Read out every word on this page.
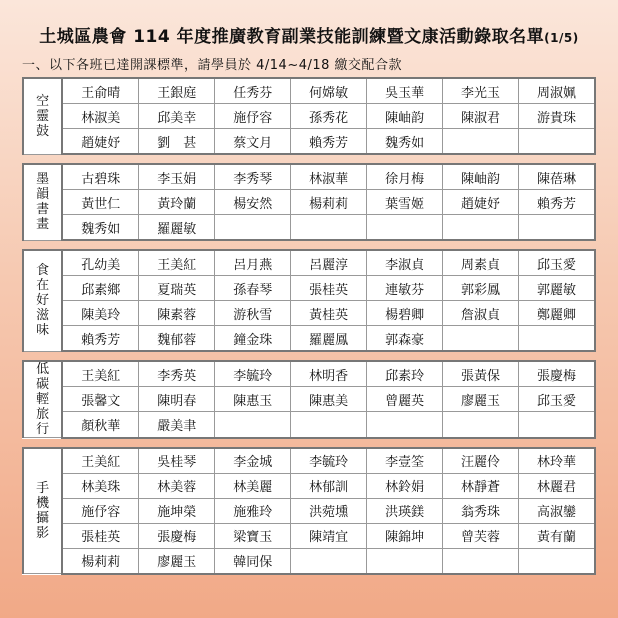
土城區農會 114 年度推廣教育副業技能訓練暨文康活動錄取名單(1/5)
一、以下各班已達開課標準，請學員於 4/14~4/18 繳交配合款
空靈鼓	王俞晴	王銀庭	任秀芬	何嫦敏	吳玉華	李光玉	周淑姵
	林淑美	邱美幸	施伃容	孫秀花	陳岫韵	陳淑君	游貴珠
	趙婕妤	劉　甚	蔡文月	賴秀芳	魏秀如		
墨韻書畫	古碧珠	李玉娟	李秀琴	林淑華	徐月梅	陳岫韵	陳蓓琳
	黃世仁	黃玲蘭	楊安然	楊莉莉	葉雪姬	趙婕妤	賴秀芳
	魏秀如	羅麗敏					
食在好滋味	孔幼美	王美紅	呂月燕	呂麗淳	李淑貞	周素貞	邱玉愛
	邱素鄉	夏瑞英	孫春琴	張桂英	連敏芬	郭彩鳳	郭麗敏
	陳美玲	陳素蓉	游秋雪	黃桂英	楊碧卿	詹淑貞	鄭麗卿
	賴秀芳	魏郁蓉	鐘金珠	羅麗鳳	郭森豪		
低碳輕旅行	王美紅	李秀英	李毓玲	林明香	邱素玲	張黃保	張慶梅
	張馨文	陳明春	陳惠玉	陳惠美	曾麗英	廖麗玉	邱玉愛
	顏秋華	嚴美聿					
手機攝影	王美紅	吳桂琴	李金城	李毓玲	李壹筌	汪麗伶	林玲華
	林美珠	林美蓉	林美麗	林郁訓	林鈴娟	林靜蒼	林麗君
	施伃容	施坤榮	施雅玲	洪菀壎	洪瑛鎂	翁秀珠	高淑鑾
	張桂英	張慶梅	梁寶玉	陳靖宜	陳錦坤	曾芙蓉	黃有蘭
	楊莉莉	廖麗玉	韓同保				
